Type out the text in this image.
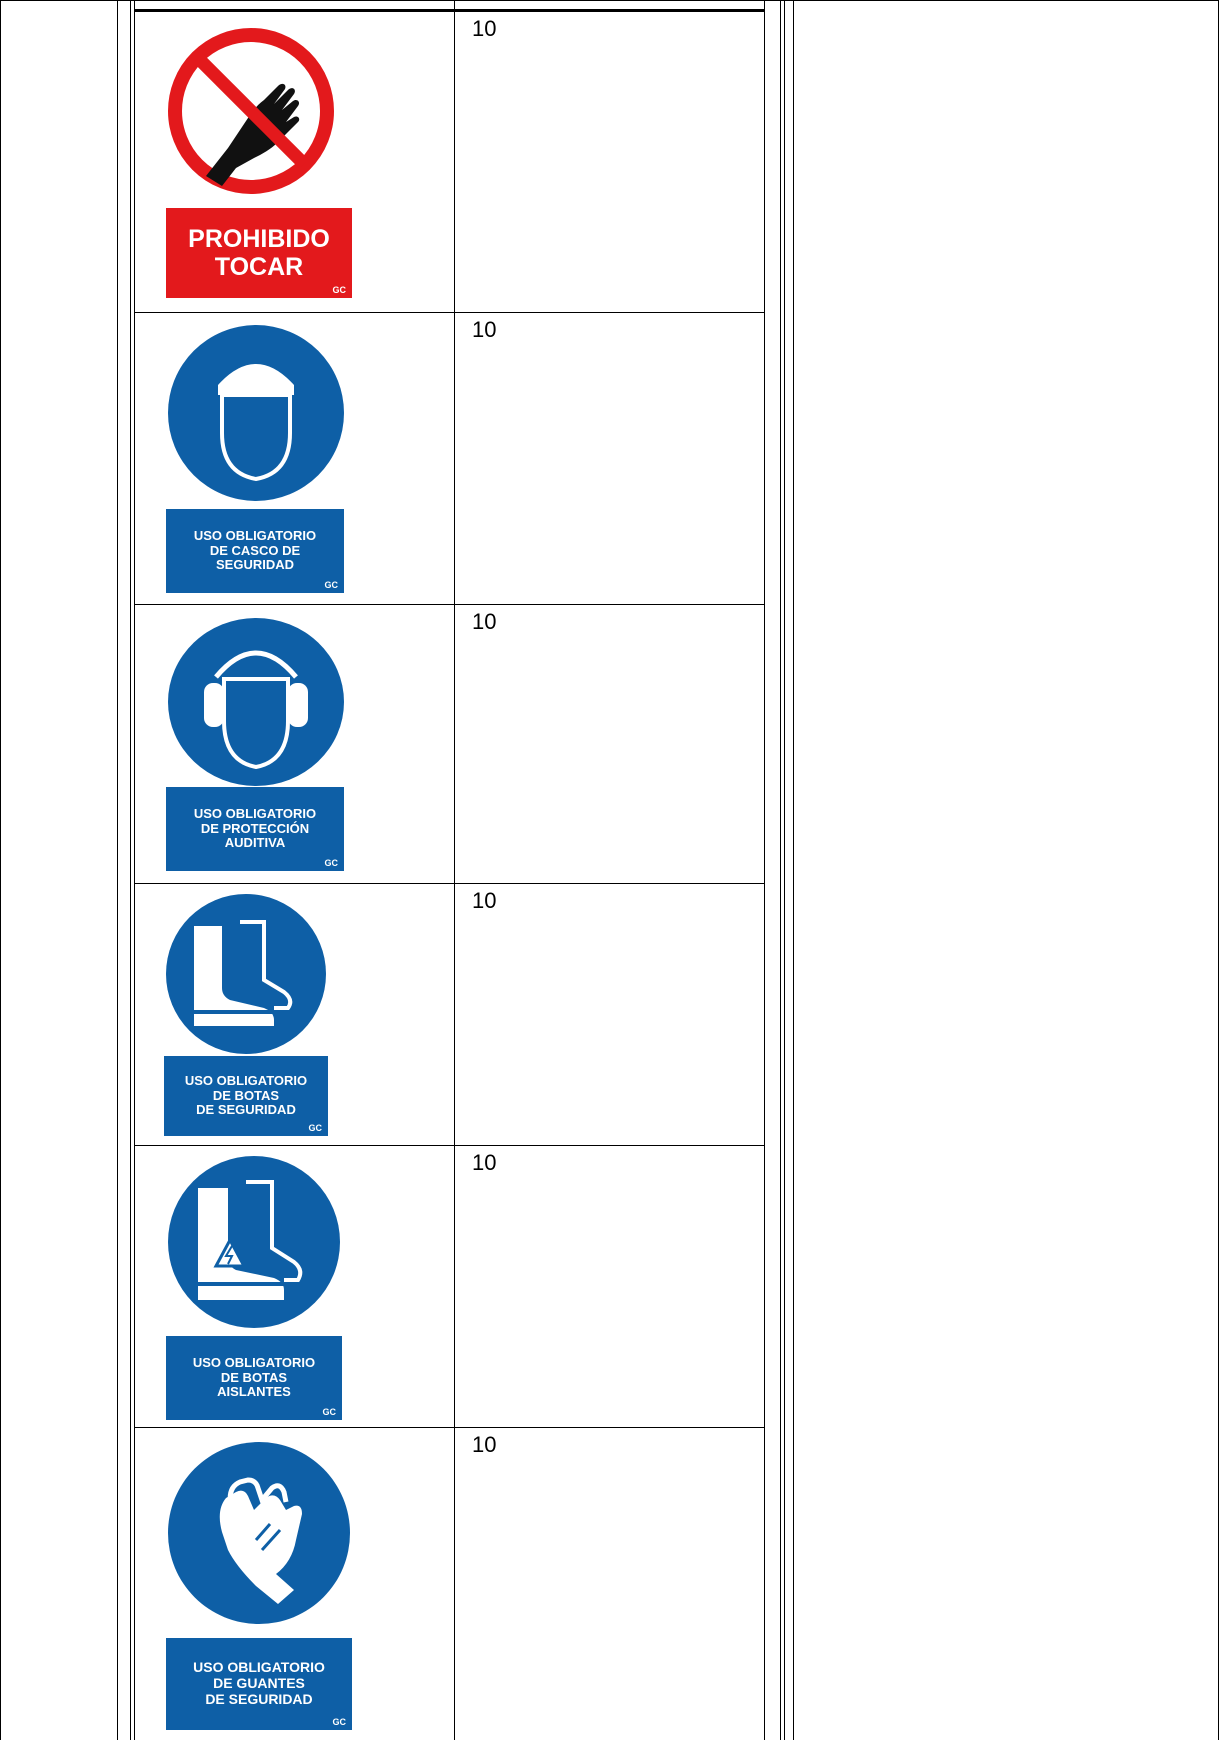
PROHIBIDO
TOCAR
GC
10
USO OBLIGATORIO
DE CASCO DE
SEGURIDAD
GC
10
USO OBLIGATORIO
DE PROTECCIÓN
AUDITIVA
GC
10
USO OBLIGATORIO
DE BOTAS
DE SEGURIDAD
GC
10
USO OBLIGATORIO
DE BOTAS
AISLANTES
GC
10
USO OBLIGATORIO
DE GUANTES
DE SEGURIDAD
GC
10
